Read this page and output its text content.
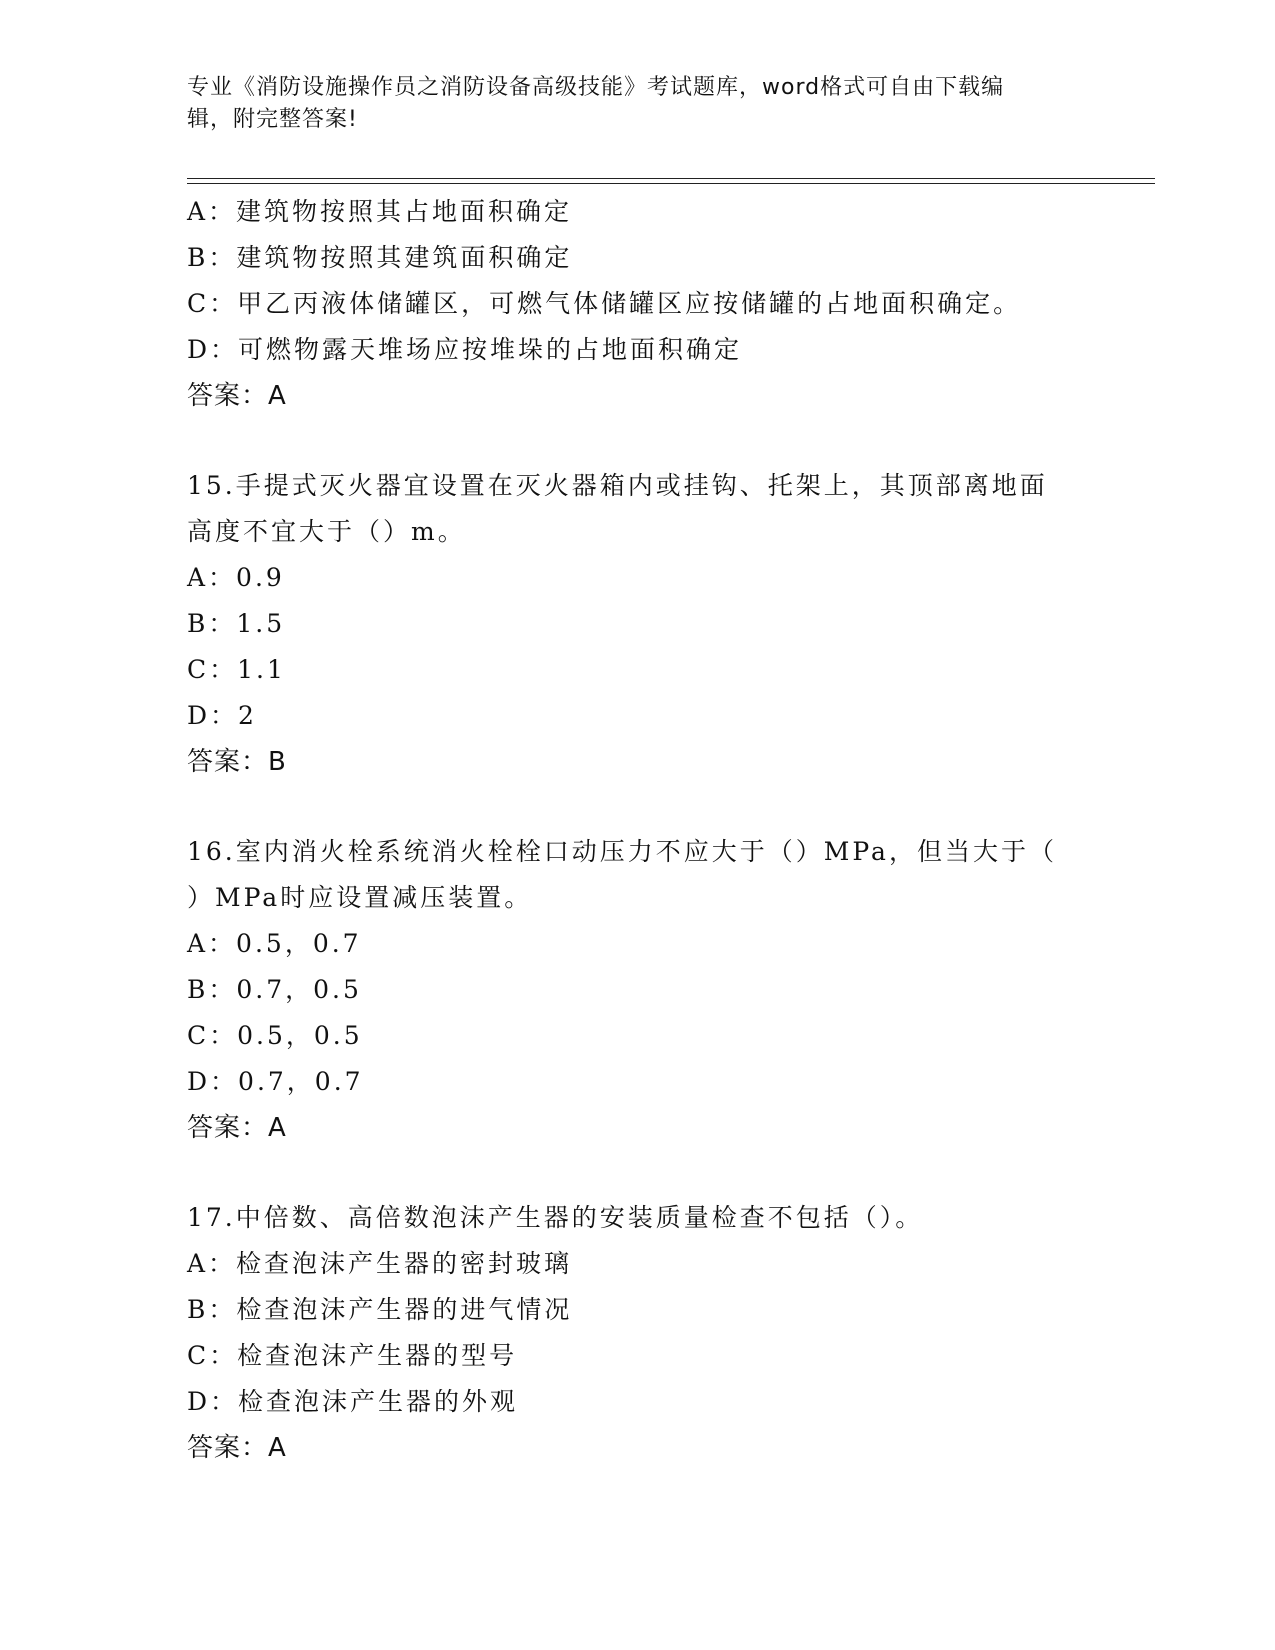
专业《消防设施操作员之消防设备高级技能》考试题库，word格式可自由下载编
辑，附完整答案!
A：建筑物按照其占地面积确定
B：建筑物按照其建筑面积确定
C：甲乙丙液体储罐区，可燃气体储罐区应按储罐的占地面积确定。
D：可燃物露天堆场应按堆垛的占地面积确定
答案：A
15.手提式灭火器宜设置在灭火器箱内或挂钩、托架上，其顶部离地面
高度不宜大于（）m。
A：0.9
B：1.5
C：1.1
D：2
答案：B
16.室内消火栓系统消火栓栓口动压力不应大于（）MPa，但当大于（
）MPa时应设置减压装置。
A：0.5，0.7
B：0.7，0.5
C：0.5，0.5
D：0.7，0.7
答案：A
17.中倍数、高倍数泡沫产生器的安装质量检查不包括（）。
A：检查泡沫产生器的密封玻璃
B：检查泡沫产生器的进气情况
C：检查泡沫产生器的型号
D：检查泡沫产生器的外观
答案：A
